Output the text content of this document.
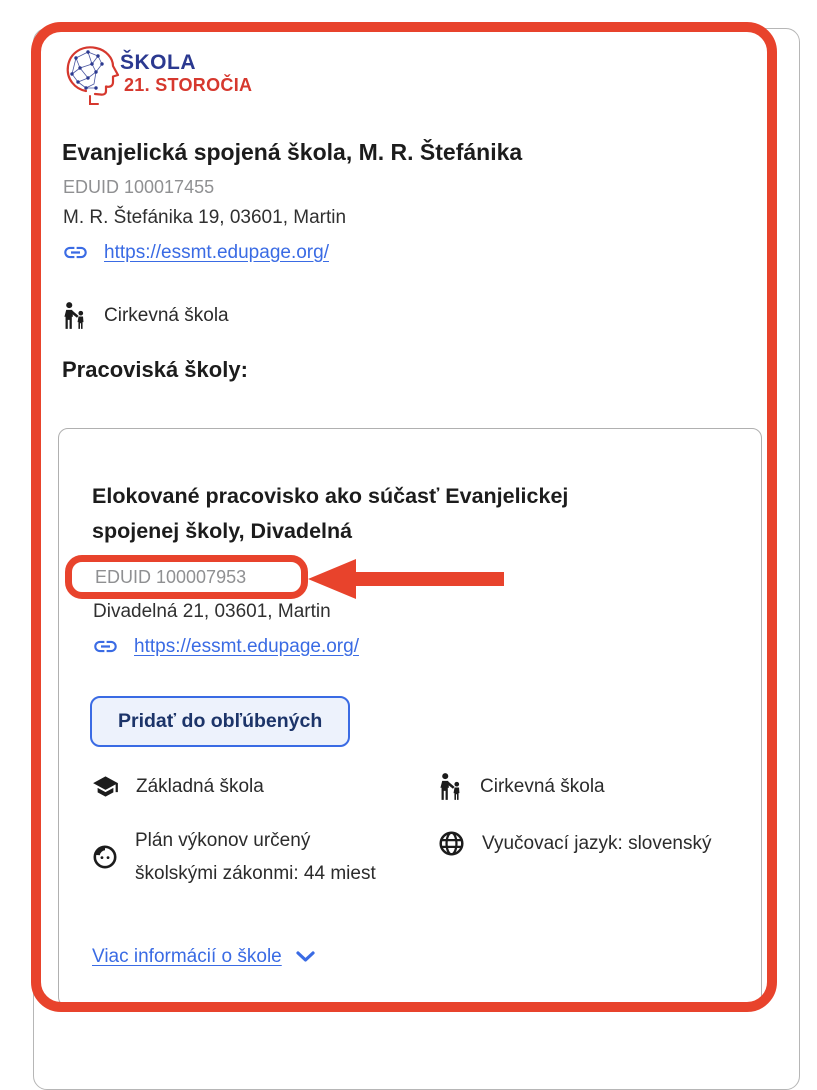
ŠKOLA
21. STOROČIA
Evanjelická spojená škola, M. R. Štefánika
EDUID 100017455
M. R. Štefánika 19, 03601, Martin
https://essmt.edupage.org/
Cirkevná škola
Pracoviská školy:
Elokované pracovisko ako súčasť Evanjelickej
spojenej školy, Divadelná
EDUID 100007953
Divadelná 21, 03601, Martin
https://essmt.edupage.org/
Pridať do obľúbených
Základná škola	Cirkevná škola
Plán výkonov určený školskými zákonmi: 44 miest
Vyučovací jazyk: slovenský
Viac informácií o škole
